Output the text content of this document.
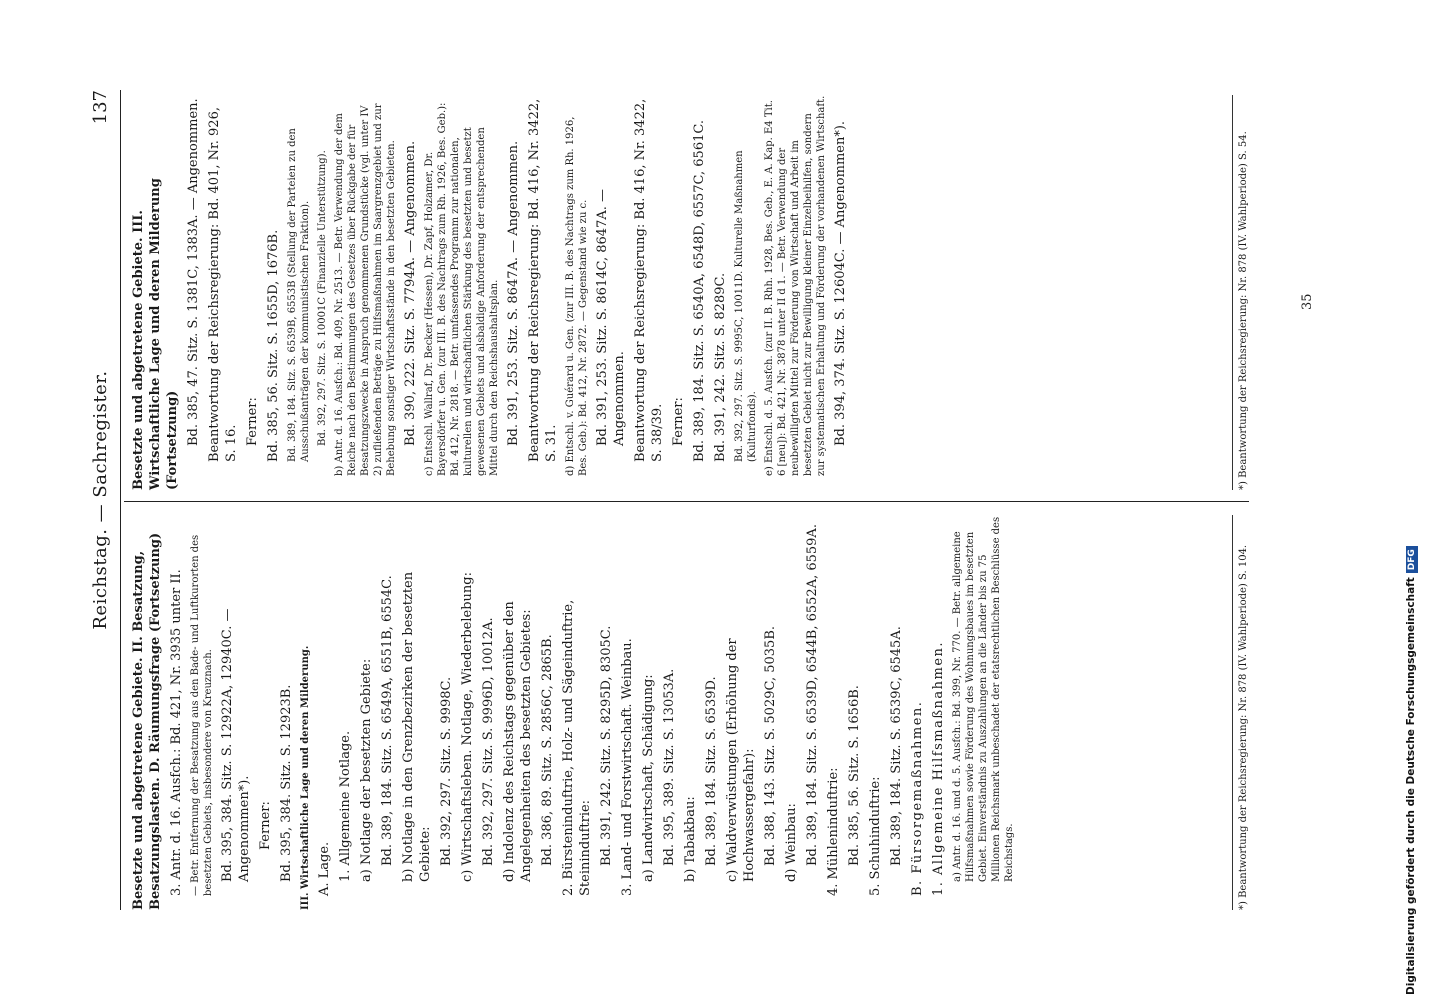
Reichstag. — Sachregister.
137

Besetzte und abgetretene Gebiete. II. Besatzung, Besatzungslasten. D. Räumungsfrage (Fortsetzung) 3. Antr. d. 16. Ausfch.: Bd. 421, Nr. 3935 unter II. — Betr. Entfernung der Besatzung aus den Bade- und Luftkurorten des besetzten Gebiets, insbesondere von Kreuznach. Bd. 395, 384. Sitz. S. 12922A, 12940C. — Angenommen*). Ferner: Bd. 395, 384. Sitz. S. 12923B. III. Wirtschaftliche Lage und deren Milderung. A. Lage. 1. Allgemeine Notlage. a) Notlage der besetzten Gebiete: Bd. 389, 184. Sitz. S. 6549A, 6551B, 6554C. b) Notlage in den Grenzbezirken der besetzten Gebiete: Bd. 392, 297. Sitz. S. 9998C. c) Wirtschaftsleben. Notlage, Wiederbelebung: Bd. 392, 297. Sitz. S. 9996D, 10012A. d) Indolenz des Reichstags gegenüber den Angelegenheiten des besetzten Gebietes: Bd. 386, 89. Sitz. S. 2856C, 2865B. 2. Bürsteninduftrie, Holz- und Sägeinduftrie, Steininduftrie: Bd. 391, 242. Sitz. S. 8295D, 8305C. 3. Land- und Forstwirtschaft. Weinbau. a) Landwirtschaft, Schädigung: Bd. 395, 389. Sitz. S. 13053A. b) Tabakbau: Bd. 389, 184. Sitz. S. 6539D. c) Waldverwüstungen (Erhöhung der Hochwassergefahr): Bd. 388, 143. Sitz. S. 5029C, 5035B. d) Weinbau: Bd. 389, 184. Sitz. S. 6539D, 6544B, 6552A, 6559A. 4. Mühleninduftrie: Bd. 385, 56. Sitz. S. 1656B. 5. Schuhinduftrie: Bd. 389, 184. Sitz. S. 6539C, 6545A. B. Fürsorgemaßnahmen. 1. Allgemeine Hilfsmaßnahmen. a) Antr. d. 16. und d. 5. Ausfch.: Bd. 399, Nr. 770. — Betr. allgemeine Hilfsmaßnahmen sowie Förderung des Wohnungsbaues im besetzten Gebiet. Einverständnis zu Auszahlungen an die Länder bis zu 75 Millionen Reichsmark unbeschadet der etatsrechtlichen Beschlüsse des Reichstags.	*) Beantwortung der Reichsregierung: Nr. 878 (IV. Wahlperiode) S. 104.

Besetzte und abgetretene Gebiete. III. Wirtschaftliche Lage und deren Milderung (Fortsetzung) Bd. 385, 47. Sitz. S. 1381C, 1383A. — Angenommen. Beantwortung der Reichsregierung: Bd. 401, Nr. 926, S. 16. Ferner: Bd. 385, 56. Sitz. S. 1655D, 1676B. Bd. 389, 184. Sitz. S. 6539B, 6553B (Stellung der Parteien zu den Ausschußanträgen der kommunistischen Fraktion). Bd. 392, 297. Sitz. S. 10001C (Finanzielle Unterstützung). b) Antr. d. 16. Ausfch.: Bd. 409, Nr. 2513. — Betr. Verwendung der dem Reiche nach den Bestimmungen des Gesetzes über Rückgabe der für Besatzungszwecke in Anspruch genommenen Grundstücke (vgl. unter IV 2) zufließenden Beträge zu Hilfsmaßnahmen im Saargrenzgebiet und zur Behebung sonstiger Wirtschaftsstände in den besetzten Gebieten. Bd. 390, 222. Sitz. S. 7794A. — Angenommen. c) Entschl. Wallraf, Dr. Becker (Hessen), Dr. Zapf, Holzamer, Dr. Bayersdörfer u. Gen. (zur III. B. des Nachtrags zum Rh. 1926, Bes. Geb.): Bd. 412, Nr. 2818. — Betr. umfassendes Programm zur nationalen, kulturellen und wirtschaftlichen Stärkung des besetzten und besetzt gewesenen Gebiets und alsbaldige Anforderung der entsprechenden Mittel durch den Reichshaushaltsplan. Bd. 391, 253. Sitz. S. 8647A. — Angenommen. Beantwortung der Reichsregierung: Bd. 416, Nr. 3422, S. 31. d) Entschl. v. Guérard u. Gen. (zur III. B. des Nachtrags zum Rh. 1926, Bes. Geb.): Bd. 412, Nr. 2872. — Gegenstand wie zu c. Bd. 391, 253. Sitz. S. 8614C, 8647A. — Angenommen. Beantwortung der Reichsregierung: Bd. 416, Nr. 3422, S. 38/39. Ferner: Bd. 389, 184. Sitz. S. 6540A, 6548D, 6557C, 6561C. Bd. 391, 242. Sitz. S. 8289C. Bd. 392, 297. Sitz. S. 9995C, 10011D. Kulturelle Maßnahmen (Kulturfonds). e) Entschl. d. 5. Ausfch. (zur II. B. Rhh. 1928, Bes. Geb., E. A. Kap. E4 Tit. 6 [neu]): Bd. 421, Nr. 3878 unter II d 1. — Betr. Verwendung der neubewilligten Mittel zur Förderung von Wirtschaft und Arbeit im besetzten Gebiet nicht zur Bewilligung kleiner Einzelbeihilfen, sondern zur systematischen Erhaltung und Förderung der vorhandenen Wirtschaft. Bd. 394, 374. Sitz. S. 12604C. — Angenommen*).	*) Beantwortung der Reichsregierung: Nr. 878 (IV. Wahlperiode) S. 54.	35
Digitalisierung gefördert durch die Deutsche ForschungsgemeinschaftDFG
